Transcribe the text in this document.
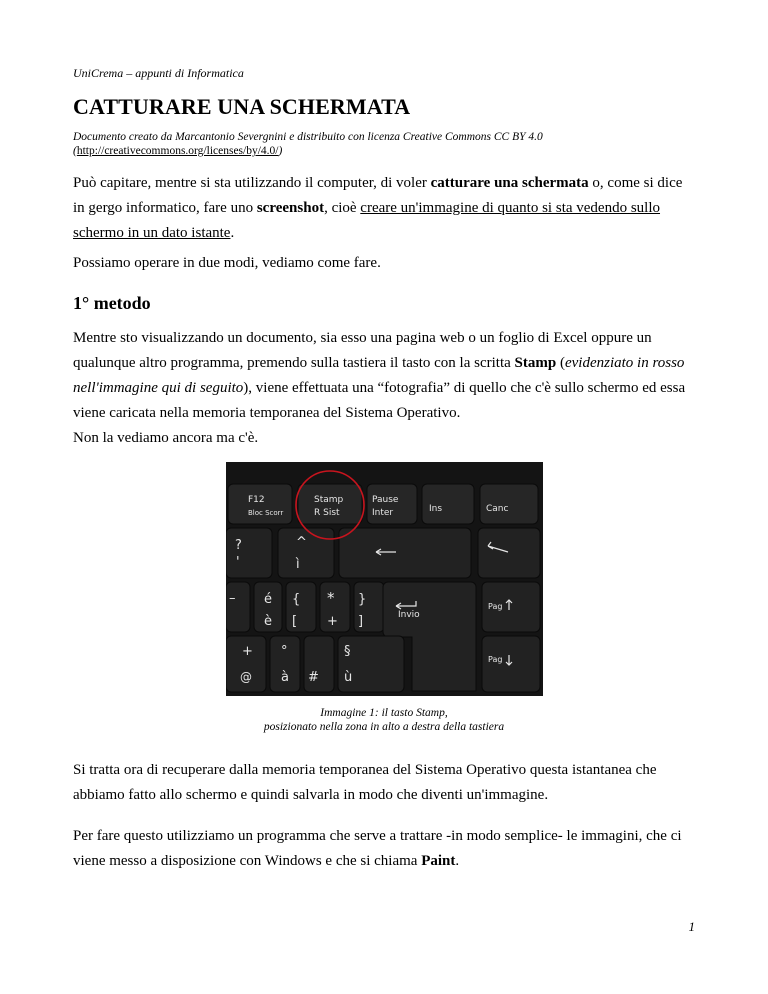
UniCrema – appunti di Informatica
CATTURARE UNA SCHERMATA
Documento creato da Marcantonio Severgnini e distribuito con licenza Creative Commons CC BY 4.0
(http://creativecommons.org/licenses/by/4.0/)

Può capitare, mentre si sta utilizzando il computer, di voler catturare una schermata o, come si dice in gergo informatico, fare uno screenshot, cioè creare un'immagine di quanto si sta vedendo sullo schermo in un dato istante.

Possiamo operare in due modi, vediamo come fare.

1° metodo

Mentre sto visualizzando un documento, sia esso una pagina web o un foglio di Excel oppure un qualunque altro programma, premendo sulla tastiera il tasto con la scritta Stamp (evidenziato in rosso nell'immagine qui di seguito), viene effettuata una “fotografia” di quello che c'è sullo schermo ed essa viene caricata nella memoria temporanea del Sistema Operativo.
Non la vediamo ancora ma c'è.

F12
Bloc Scorr
Stamp
R Sist
Pause
Inter	Ins	Canc
?
'
^
ì
– é
è
{
[
*
+
}
]	Invio
Pag
Pag
+
@
°
à #
§
ù
Immagine 1: il tasto Stamp,
posizionato nella zona in alto a destra della tastiera

Si tratta ora di recuperare dalla memoria temporanea del Sistema Operativo questa istantanea che abbiamo fatto allo schermo e quindi salvarla in modo che diventi un'immagine.

Per fare questo utilizziamo un programma che serve a trattare -in modo semplice- le immagini, che ci viene messo a disposizione con Windows e che si chiama Paint.

1
